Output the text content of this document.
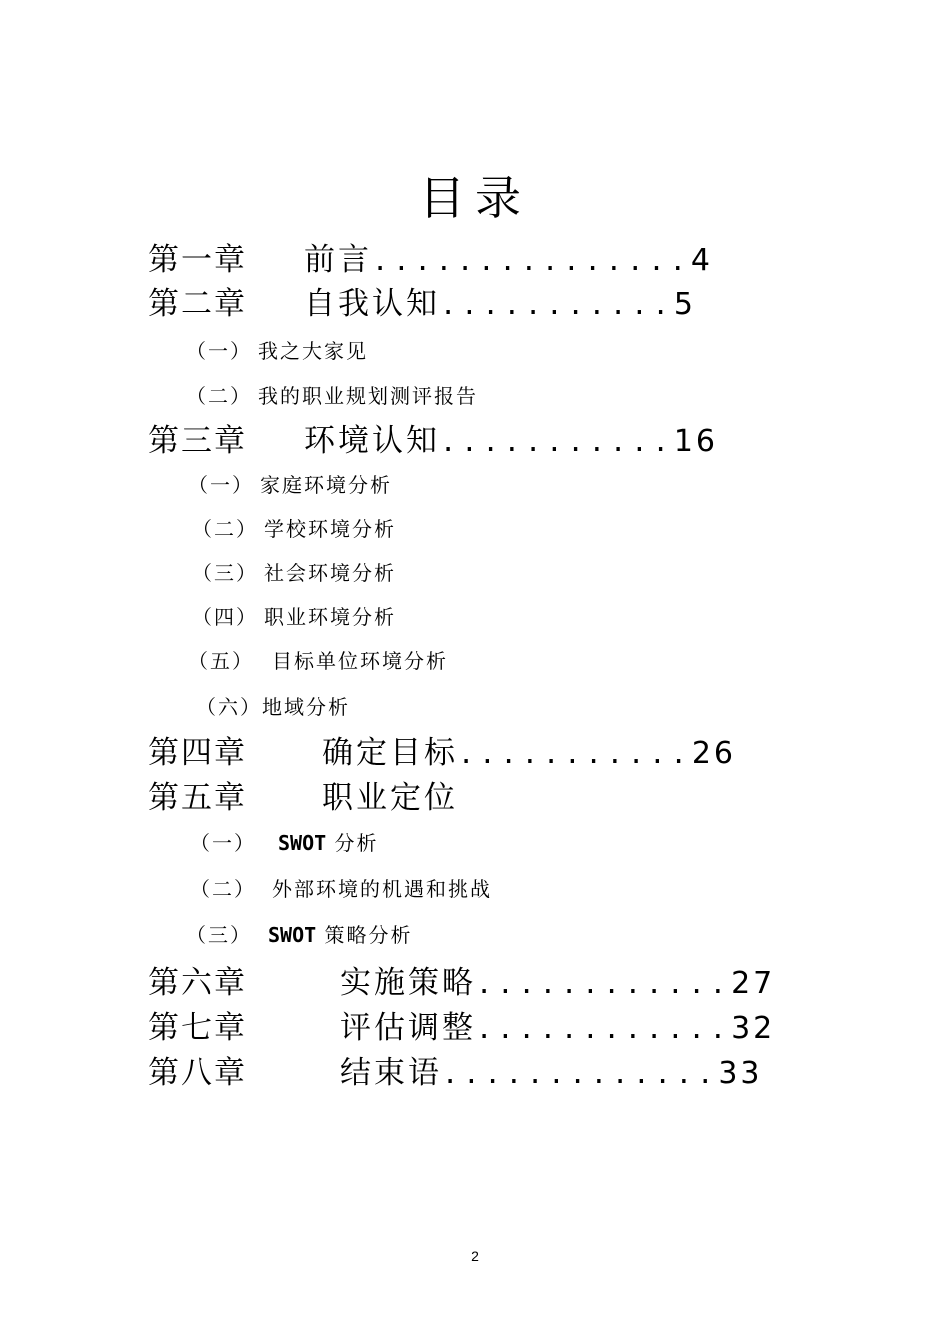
目录
第一章 前言...............4
第二章 自我认知...........5
（一） 我之大家见
（二） 我的职业规划测评报告
第三章 环境认知...........16
（一） 家庭环境分析
（二） 学校环境分析
（三） 社会环境分析
（四） 职业环境分析
（五） 目标单位环境分析
（六）地域分析
第四章 确定目标...........26
第五章 职业定位
（一） SWOT 分析
（二） 外部环境的机遇和挑战
（三） SWOT 策略分析
第六章	实施策略............27
第七章	评估调整............32
第八章	结束语.............33
2
